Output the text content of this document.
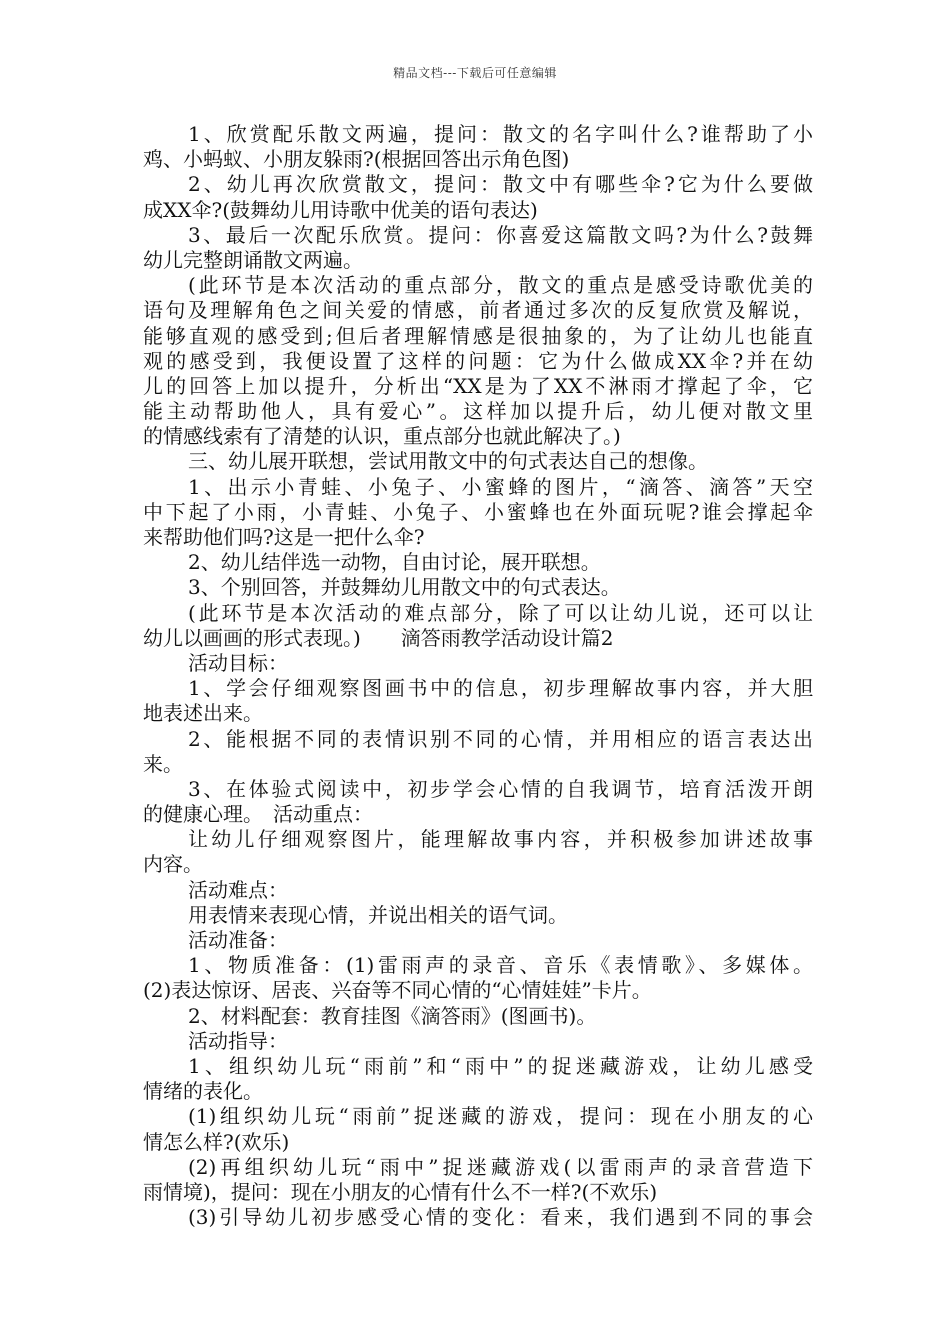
精品文档---下载后可任意编辑
1、欣赏配乐散文两遍，提问：散文的名字叫什么?谁帮助了小
鸡、小蚂蚁、小朋友躲雨?(根据回答出示角色图)
2、幼儿再次欣赏散文，提问：散文中有哪些伞?它为什么要做
成XX伞?(鼓舞幼儿用诗歌中优美的语句表达)
3、最后一次配乐欣赏。提问：你喜爱这篇散文吗?为什么?鼓舞
幼儿完整朗诵散文两遍。
(此环节是本次活动的重点部分，散文的重点是感受诗歌优美的
语句及理解角色之间关爱的情感，前者通过多次的反复欣赏及解说，
能够直观的感受到;但后者理解情感是很抽象的，为了让幼儿也能直
观的感受到，我便设置了这样的问题：它为什么做成XX伞?并在幼
儿的回答上加以提升，分析出“XX是为了XX不淋雨才撑起了伞，它
能主动帮助他人，具有爱心”。这样加以提升后，幼儿便对散文里
的情感线索有了清楚的认识，重点部分也就此解决了。)
三、幼儿展开联想，尝试用散文中的句式表达自己的想像。
1、出示小青蛙、小兔子、小蜜蜂的图片，“滴答、滴答”天空
中下起了小雨，小青蛙、小兔子、小蜜蜂也在外面玩呢?谁会撑起伞
来帮助他们吗?这是一把什么伞?
2、幼儿结伴选一动物，自由讨论，展开联想。
3、个别回答，并鼓舞幼儿用散文中的句式表达。
(此环节是本次活动的难点部分，除了可以让幼儿说，还可以让
幼儿以画画的形式表现。)　　滴答雨教学活动设计篇2
活动目标：
1、学会仔细观察图画书中的信息，初步理解故事内容，并大胆
地表述出来。
2、能根据不同的表情识别不同的心情，并用相应的语言表达出
来。
3、在体验式阅读中，初步学会心情的自我调节，培育活泼开朗
的健康心理。　活动重点：
让幼儿仔细观察图片，能理解故事内容，并积极参加讲述故事
内容。
活动难点：
用表情来表现心情，并说出相关的语气词。
活动准备：
1、物质准备：(1)雷雨声的录音、音乐《表情歌》、多媒体。
(2)表达惊讶、居丧、兴奋等不同心情的“心情娃娃”卡片。
2、材料配套：教育挂图《滴答雨》(图画书)。
活动指导：
1、组织幼儿玩“雨前”和“雨中”的捉迷藏游戏，让幼儿感受
情绪的表化。
(1)组织幼儿玩“雨前”捉迷藏的游戏，提问：现在小朋友的心
情怎么样?(欢乐)
(2)再组织幼儿玩“雨中”捉迷藏游戏(以雷雨声的录音营造下
雨情境)，提问：现在小朋友的心情有什么不一样?(不欢乐)
(3)引导幼儿初步感受心情的变化：看来，我们遇到不同的事会
